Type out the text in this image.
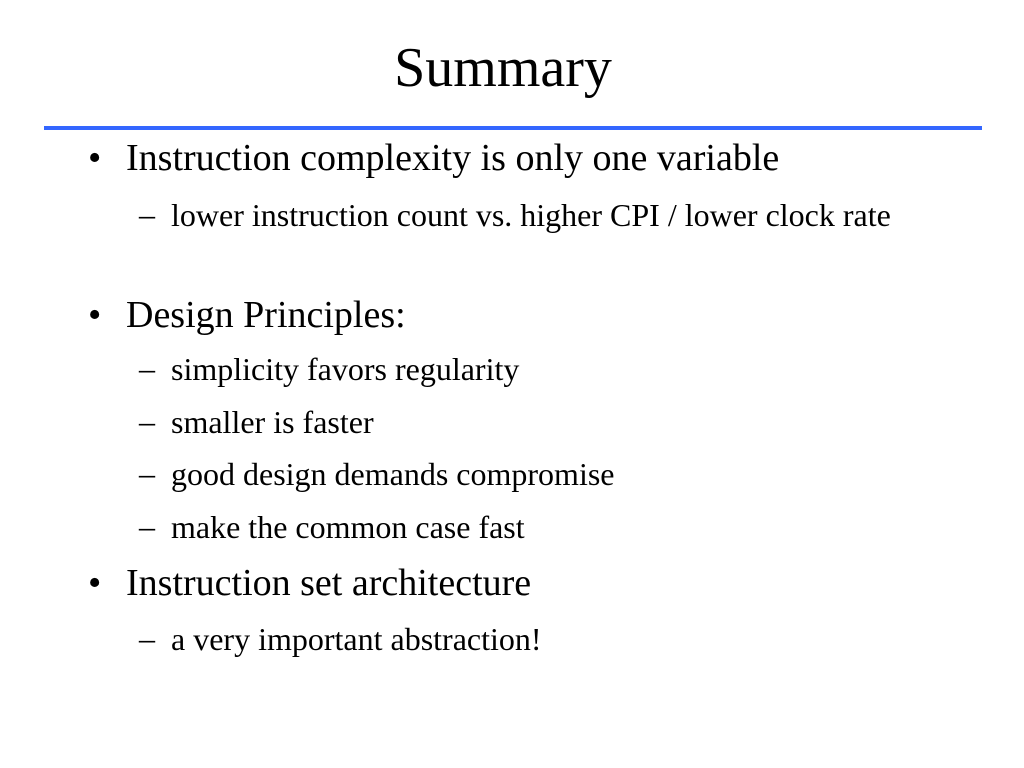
Summary
• Instruction complexity is only one variable
– lower instruction count vs. higher CPI / lower clock rate
• Design Principles:
– simplicity favors regularity
– smaller is faster
– good design demands compromise
– make the common case fast
• Instruction set architecture
– a very important abstraction!
